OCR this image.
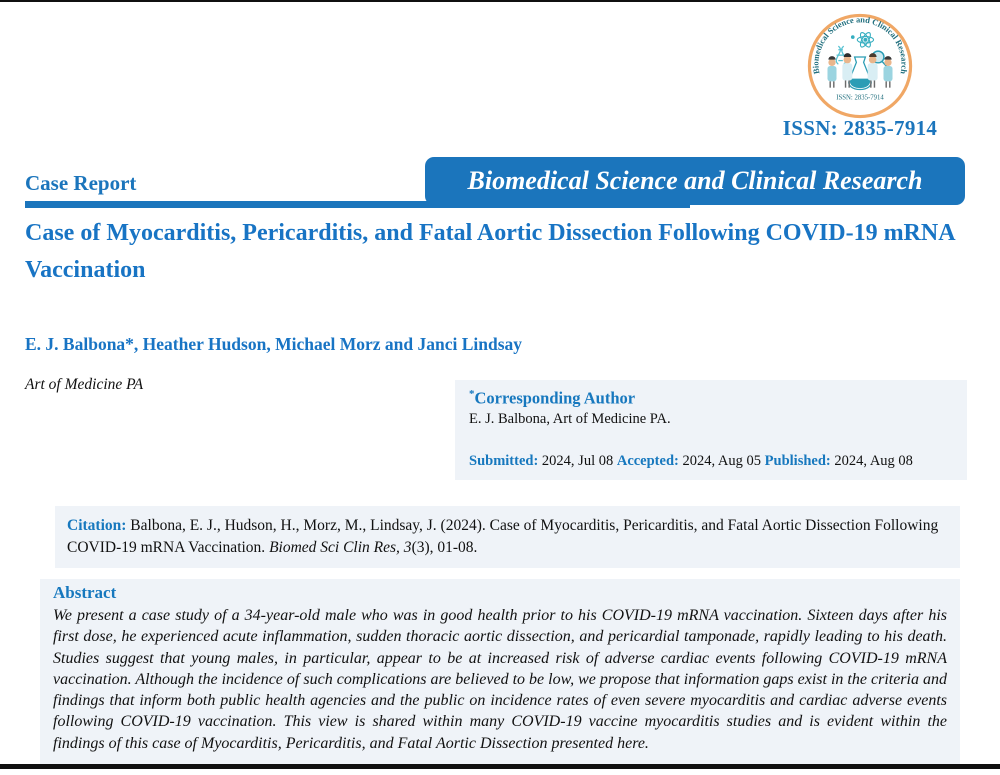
Biomedical Science and Clinical Research
ISSN: 2835-7914
ISSN: 2835-7914
Case Report	Biomedical Science and Clinical Research
Case of Myocarditis, Pericarditis, and Fatal Aortic Dissection Following COVID-19 mRNA Vaccination
E. J. Balbona*, Heather Hudson, Michael Morz and Janci Lindsay
Art of Medicine PA
*Corresponding Author
E. J. Balbona, Art of Medicine PA.
Submitted: 2024, Jul 08 Accepted: 2024, Aug 05 Published: 2024, Aug 08
Citation: Balbona, E. J., Hudson, H., Morz, M., Lindsay, J. (2024). Case of Myocarditis, Pericarditis, and Fatal Aortic Dissection Following COVID-19 mRNA Vaccination. Biomed Sci Clin Res, 3(3), 01-08.
Abstract
We present a case study of a 34-year-old male who was in good health prior to his COVID-19 mRNA vaccination. Sixteen days after his first dose, he experienced acute inflammation, sudden thoracic aortic dissection, and pericardial tamponade, rapidly leading to his death. Studies suggest that young males, in particular, appear to be at increased risk of adverse cardiac events following COVID-19 mRNA vaccination. Although the incidence of such complications are believed to be low, we propose that information gaps exist in the criteria and findings that inform both public health agencies and the public on incidence rates of even severe myocarditis and cardiac adverse events following COVID-19 vaccination. This view is shared within many COVID-19 vaccine myocarditis studies and is evident within the findings of this case of Myocarditis, Pericarditis, and Fatal Aortic Dissection presented here.
